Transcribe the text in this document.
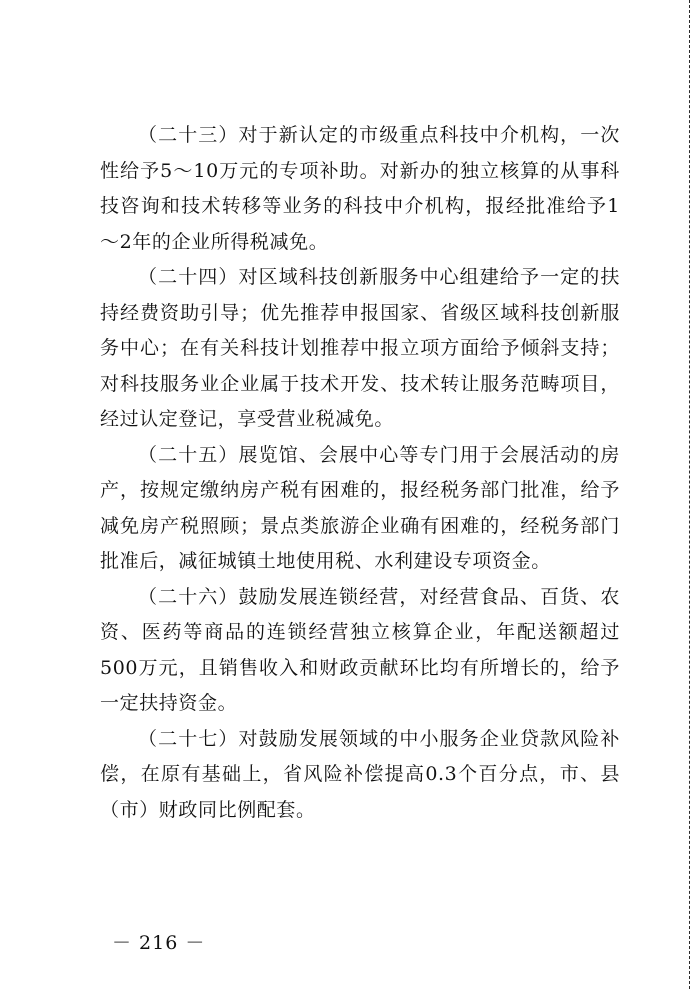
（二十三）对于新认定的市级重点科技中介机构，一次性给予5～10万元的专项补助。对新办的独立核算的从事科技咨询和技术转移等业务的科技中介机构，报经批准给予1～2年的企业所得税减免。

（二十四）对区域科技创新服务中心组建给予一定的扶持经费资助引导；优先推荐申报国家、省级区域科技创新服务中心；在有关科技计划推荐中报立项方面给予倾斜支持；对科技服务业企业属于技术开发、技术转让服务范畴项目，经过认定登记，享受营业税减免。

（二十五）展览馆、会展中心等专门用于会展活动的房产，按规定缴纳房产税有困难的，报经税务部门批准，给予减免房产税照顾；景点类旅游企业确有困难的，经税务部门批准后，减征城镇土地使用税、水利建设专项资金。

（二十六）鼓励发展连锁经营，对经营食品、百货、农资、医药等商品的连锁经营独立核算企业，年配送额超过500万元，且销售收入和财政贡献环比均有所增长的，给予一定扶持资金。

（二十七）对鼓励发展领域的中小服务企业贷款风险补偿，在原有基础上，省风险补偿提高0.3个百分点，市、县（市）财政同比例配套。

－ 216 －
